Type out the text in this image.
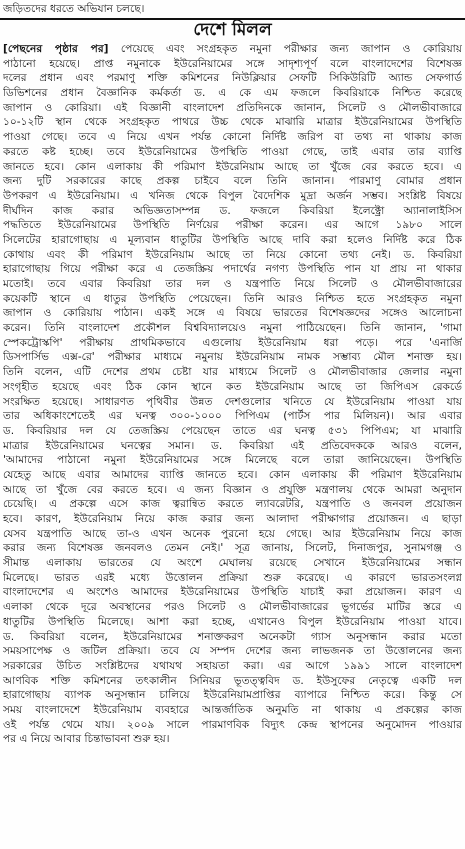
জড়িতদের ধরতে অভিযান চলছে।
দেশে মিলল
[পেছনের পৃষ্ঠার পর] পেয়েছে এবং সংগ্রহকৃত নমুনা পরীক্ষার জন্য জাপান ও কোরিয়ায়
পাঠানো হয়েছে। প্রাপ্ত নমুনাকে ইউরেনিয়ামের সঙ্গে সাদৃশ্যপূর্ণ বলে বাংলাদেশের বিশেষজ্ঞ
দলের প্রধান এবং পরমাণু শক্তি কমিশনের নিউক্লিয়ার সেফটি সিকিউরিটি অ্যান্ড সেফগার্ড
ডিভিশনের প্রধান বৈজ্ঞানিক কর্মকর্তা ড. এ কে এম ফজলে কিবরিয়াকে নিশ্চিত করেছে
জাপান ও কোরিয়া। এই বিজ্ঞানী বাংলাদেশ প্রতিদিনকে জানান, সিলেট ও মৌলভীবাজারে
১০-১২টি স্থান থেকে সংগ্রহকৃত পাথরে উচ্চ থেকে মাঝারি মাত্রার ইউরেনিয়ামের উপস্থিতি
পাওয়া গেছে। তবে এ নিয়ে এখন পর্যন্ত কোনো নির্দিষ্ট জরিপ বা তথ্য না থাকায় কাজ
করতে কষ্ট হচ্ছে। তবে ইউরেনিয়ামের উপস্থিতি পাওয়া গেছে, তাই এবার তার ব্যাপ্তি
জানতে হবে। কোন এলাকায় কী পরিমাণ ইউরেনিয়াম আছে তা খুঁজে বের করতে হবে। এ
জন্য দুটি সরকারের কাছে প্রকল্প চাইবে বলে তিনি জানান। পারমাণু বোমার প্রধান
উপকরণ এ ইউরেনিয়াম। এ খনিজ থেকে বিপুল বৈদেশিক মুদ্রা অর্জন সম্ভব। সংশ্লিষ্ট বিষয়ে
দীর্ঘদিন কাজ করার অভিজ্ঞতাসম্পন্ন ড. ফজলে কিবরিয়া ইলেক্ট্রো অ্যানালাইসিস
পদ্ধতিতে ইউরেনিয়ামের উপস্থিতি নির্ণয়ের পরীক্ষা করেন। এর আগে ১৯৮০ সালে
সিলেটের হারাগোছায় এ মূল্যবান ধাতুটির উপস্থিতি আছে দাবি করা হলেও নির্দিষ্ট করে ঠিক
কোথায় এবং কী পরিমাণ ইউরেনিয়াম আছে তা নিয়ে কোনো তথ্য নেই। ড. কিবরিয়া
হারাগোছায় গিয়ে পরীক্ষা করে এ তেজস্ক্রিয় পদার্থের নগণ্য উপস্থিতি পান যা প্রায় না থাকার
মতোই। তবে এবার কিবরিয়া তার দল ও যন্ত্রপাতি নিয়ে সিলেট ও মৌলভীবাজারের
কয়েকটি স্থানে এ ধাতুর উপস্থিতি পেয়েছেন। তিনি আরও নিশ্চিত হতে সংগ্রহকৃত নমুনা
জাপান ও কোরিয়ায় পাঠান। একই সঙ্গে এ বিষয়ে ভারতের বিশেষজ্ঞদের সঙ্গেও আলোচনা
করেন। তিনি বাংলাদেশ প্রকৌশল বিশ্ববিদ্যালয়েও নমুনা পাঠিয়েছেন। তিনি জানান, 'গামা
স্পেকট্রোস্কপি' পরীক্ষায় প্রাথমিকভাবে এগুলোয় ইউরেনিয়াম ধরা পড়ে। পরে 'এনার্জি
ডিসপার্সিভ এক্স-রে' পরীক্ষার মাধ্যমে নমুনায় ইউরেনিয়াম নামক সম্ভাব্য মৌল শনাক্ত হয়।
তিনি বলেন, এটি দেশের প্রথম চেষ্টা যার মাধ্যমে সিলেট ও মৌলভীবাজার জেলার নমুনা
সংগৃহীত হয়েছে এবং ঠিক কোন স্থানে কত ইউরেনিয়াম আছে তা জিপিএস রেকর্ডে
সংরক্ষিত হয়েছে। সাধারণত পৃথিবীর উন্নত দেশগুলোর খনিতে যে ইউরেনিয়াম পাওয়া যায়
তার অধিকাংশেতেই এর ঘনত্ব ৩০০-১০০০ পিপিএম (পার্টস পার মিলিয়ন)। আর এবার
ড. কিবরিয়ার দল যে তেজস্ক্রিয় পেয়েছেন তাতে এর ঘনত্ব ৫৩১ পিপিএম; যা মাঝারি
মাত্রার ইউরেনিয়ামের ঘনত্বের সমান। ড. কিবরিয়া এই প্রতিবেদককে আরও বলেন,
'আমাদের পাঠানো নমুনা ইউরেনিয়ামের সঙ্গে মিলেছে বলে তারা জানিয়েছেন। উপস্থিতি
যেহেতু আছে এবার আমাদের ব্যাপ্তি জানতে হবে। কোন এলাকায় কী পরিমাণ ইউরেনিয়াম
আছে তা খুঁজে বের করতে হবে। এ জন্য বিজ্ঞান ও প্রযুক্তি মন্ত্রণালয় থেকে আমরা অনুদান
চেয়েছি। এ প্রকল্পে এসে কাজ ত্বরান্বিত করতে ল্যাবরেটরি, যন্ত্রপাতি ও জনবল প্রয়োজন
হবে। কারণ, ইউরেনিয়াম নিয়ে কাজ করার জন্য আলাদা পরীক্ষাগার প্রয়োজন। এ ছাড়া
যেসব যন্ত্রপাতি আছে তা-ও এখন অনেক পুরনো হয়ে গেছে। আর ইউরেনিয়াম নিয়ে কাজ
করার জন্য বিশেষজ্ঞ জনবলও তেমন নেই।' সূত্র জানায়, সিলেট, দিনাজপুর, সুনামগঞ্জ ও
সীমান্ত এলাকায় ভারতের যে অংশে মেঘালয় রয়েছে সেখানে ইউরেনিয়ামের সন্ধান
মিলেছে। ভারত এরই মধ্যে উত্তোলন প্রক্রিয়া শুরু করেছে। এ কারণে ভারতসংলগ্ন
বাংলাদেশের এ অংশেও আমাদের ইউরেনিয়ামের উপস্থিতি যাচাই করা প্রয়োজন। কারণ এ
এলাকা থেকে দূরে অবস্থানের পরও সিলেট ও মৌলভীবাজারের ভূগর্ভের মাটির স্তরে এ
ধাতুটির উপস্থিতি মিলেছে। আশা করা হচ্ছে, এখানেও বিপুল ইউরেনিয়াম পাওয়া যাবে।
ড. কিবরিয়া বলেন, ইউরেনিয়ামের শনাক্তকরণ অনেকটা গ্যাস অনুসন্ধান করার মতো
সময়সাপেক্ষ ও জটিল প্রক্রিয়া। তবে যে সম্পদ দেশের জন্য লাভজনক তা উত্তোলনের জন্য
সরকারের উচিত সংশ্লিষ্টদের যথাযথ সহায়তা করা। এর আগে ১৯৯১ সালে বাংলাদেশ
আণবিক শক্তি কমিশনের তৎকালীন সিনিয়র ভূতত্ত্ববিদ ড. ইউসুফের নেতৃত্বে একটি দল
হারাগোছায় ব্যাপক অনুসন্ধান চালিয়ে ইউরেনিয়ামপ্রাপ্তির ব্যাপারে নিশ্চিত করে। কিন্তু সে
সময় বাংলাদেশে ইউরেনিয়াম ব্যবহারে আন্তর্জাতিক অনুমতি না থাকায় এ প্রকল্পের কাজ
ওই পর্যন্ত থেমে যায়। ২০০৯ সালে পারমাণবিক বিদ্যুৎ কেন্দ্র স্থাপনের অনুমোদন পাওয়ার
পর এ নিয়ে আবার চিন্তাভাবনা শুরু হয়।
